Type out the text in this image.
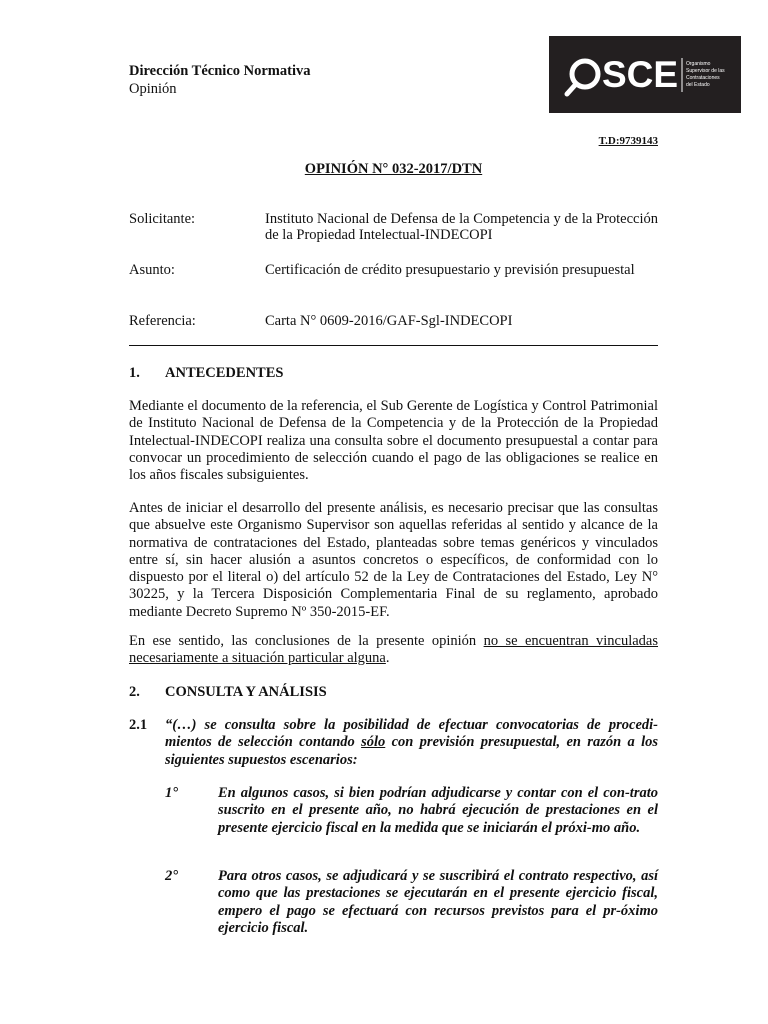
Dirección Técnico Normativa
Opinión	SCE Organismo
Supervisor de las
Contrataciones
del Estado
T.D:9739143
OPINIÓN N° 032-2017/DTN
Solicitante:	Instituto Nacional de Defensa de la Competencia y de la Protección de la Propiedad Intelectual-INDECOPI
Asunto:	Certificación de crédito presupuestario y previsión presupuestal
Referencia:	Carta N° 0609-2016/GAF-Sgl-INDECOPI
1. ANTECEDENTES
Mediante el documento de la referencia, el Sub Gerente de Logística y Control Patrimonial de Instituto Nacional de Defensa de la Competencia y de la Protección de la Propiedad Intelectual-INDECOPI realiza una consulta sobre el documento presupuestal a contar para convocar un procedimiento de selección cuando el pago de las obligaciones se realice en los años fiscales subsiguientes.
Antes de iniciar el desarrollo del presente análisis, es necesario precisar que las consultas que absuelve este Organismo Supervisor son aquellas referidas al sentido y alcance de la normativa de contrataciones del Estado, planteadas sobre temas genéricos y vinculados entre sí, sin hacer alusión a asuntos concretos o específicos, de conformidad con lo dispuesto por el literal o) del artículo 52 de la Ley de Contrataciones del Estado, Ley N° 30225, y la Tercera Disposición Complementaria Final de su reglamento, aprobado mediante Decreto Supremo Nº 350-2015-EF.
En ese sentido, las conclusiones de la presente opinión no se encuentran vinculadas necesariamente a situación particular alguna.
2. CONSULTA Y ANÁLISIS
2.1 “(…) se consulta sobre la posibilidad de efectuar convocatorias de procedi-mientos de selección contando sólo con previsión presupuestal, en razón a los siguientes supuestos escenarios:
1°	En algunos casos, si bien podrían adjudicarse y contar con el con-trato suscrito en el presente año, no habrá ejecución de prestaciones en el presente ejercicio fiscal en la medida que se iniciarán el próxi-mo año.
2°	Para otros casos, se adjudicará y se suscribirá el contrato respectivo, así como que las prestaciones se ejecutarán en el presente ejercicio fiscal, empero el pago se efectuará con recursos previstos para el pr-óximo ejercicio fiscal.
